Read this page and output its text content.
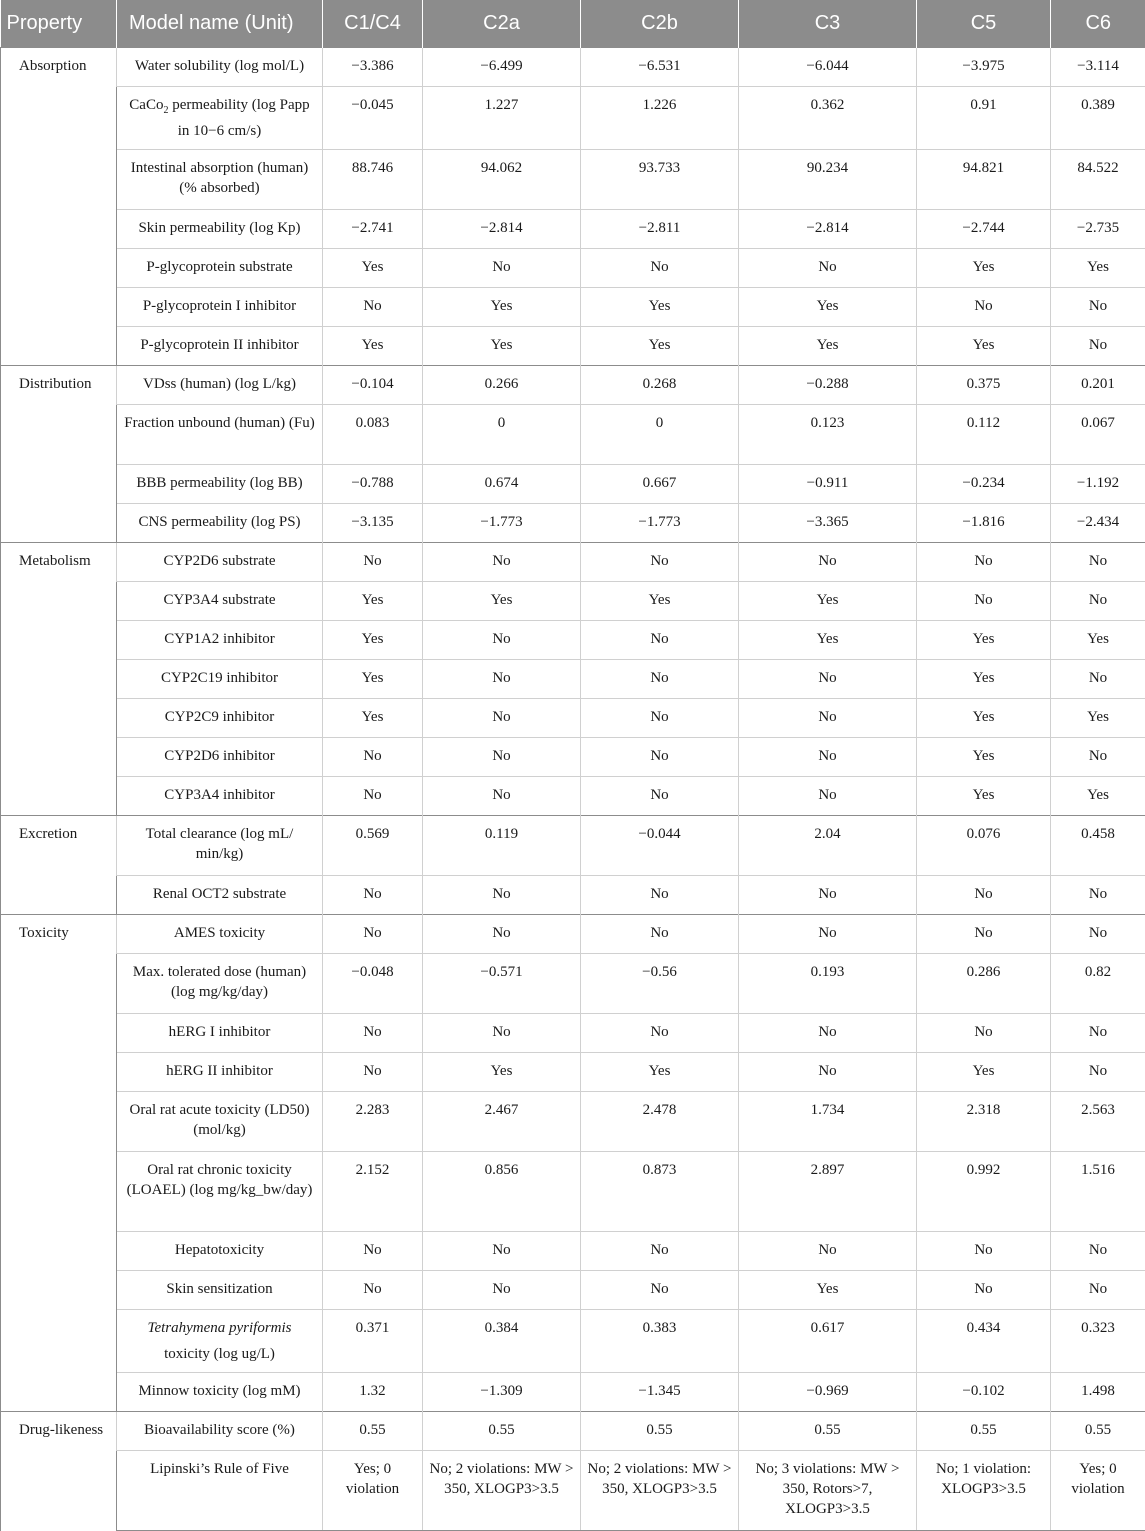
Property	Model name (Unit)	C1/C4	C2a	C2b	C3	C5	C6
Absorption	Water solubility (log mol/L)	−3.386	−6.499	−6.531	−6.044	−3.975	−3.114
	CaCo$_2$ permeability (log Papp in 10−6 cm/s)	−0.045	1.227	1.226	0.362	0.91	0.389
	Intestinal absorption (human) (% absorbed)	88.746	94.062	93.733	90.234	94.821	84.522
	Skin permeability (log Kp)	−2.741	−2.814	−2.811	−2.814	−2.744	−2.735
	P-glycoprotein substrate	Yes	No	No	No	Yes	Yes
	P-glycoprotein I inhibitor	No	Yes	Yes	Yes	No	No
	P-glycoprotein II inhibitor	Yes	Yes	Yes	Yes	Yes	No
Distribution	VDss (human) (log L/kg)	−0.104	0.266	0.268	−0.288	0.375	0.201
	Fraction unbound (human) (Fu)	0.083	0	0	0.123	0.112	0.067
	BBB permeability (log BB)	−0.788	0.674	0.667	−0.911	−0.234	−1.192
	CNS permeability (log PS)	−3.135	−1.773	−1.773	−3.365	−1.816	−2.434
Metabolism	CYP2D6 substrate	No	No	No	No	No	No
	CYP3A4 substrate	Yes	Yes	Yes	Yes	No	No
	CYP1A2 inhibitor	Yes	No	No	Yes	Yes	Yes
	CYP2C19 inhibitor	Yes	No	No	No	Yes	No
	CYP2C9 inhibitor	Yes	No	No	No	Yes	Yes
	CYP2D6 inhibitor	No	No	No	No	Yes	No
	CYP3A4 inhibitor	No	No	No	No	Yes	Yes
Excretion	Total clearance (log mL/ min/kg)	0.569	0.119	−0.044	2.04	0.076	0.458
	Renal OCT2 substrate	No	No	No	No	No	No
Toxicity	AMES toxicity	No	No	No	No	No	No
	Max. tolerated dose (human) (log mg/kg/day)	−0.048	−0.571	−0.56	0.193	0.286	0.82
	hERG I inhibitor	No	No	No	No	No	No
	hERG II inhibitor	No	Yes	Yes	No	Yes	No
	Oral rat acute toxicity (LD50) (mol/kg)	2.283	2.467	2.478	1.734	2.318	2.563
	Oral rat chronic toxicity (LOAEL) (log mg/kg_bw/day)	2.152	0.856	0.873	2.897	0.992	1.516
	Hepatotoxicity	No	No	No	No	No	No
	Skin sensitization	No	No	No	Yes	No	No
	Tetrahymena pyriformis toxicity (log ug/L)	0.371	0.384	0.383	0.617	0.434	0.323
	Minnow toxicity (log mM)	1.32	−1.309	−1.345	−0.969	−0.102	1.498
Drug-likeness	Bioavailability score (%)	0.55	0.55	0.55	0.55	0.55	0.55
	Lipinski’s Rule of Five	Yes; 0 violation	No; 2 violations: MW > 350, XLOGP3>3.5	No; 2 violations: MW > 350, XLOGP3>3.5	No; 3 violations: MW > 350, Rotors>7, XLOGP3>3.5	No; 1 violation: XLOGP3>3.5	Yes; 0 violation
